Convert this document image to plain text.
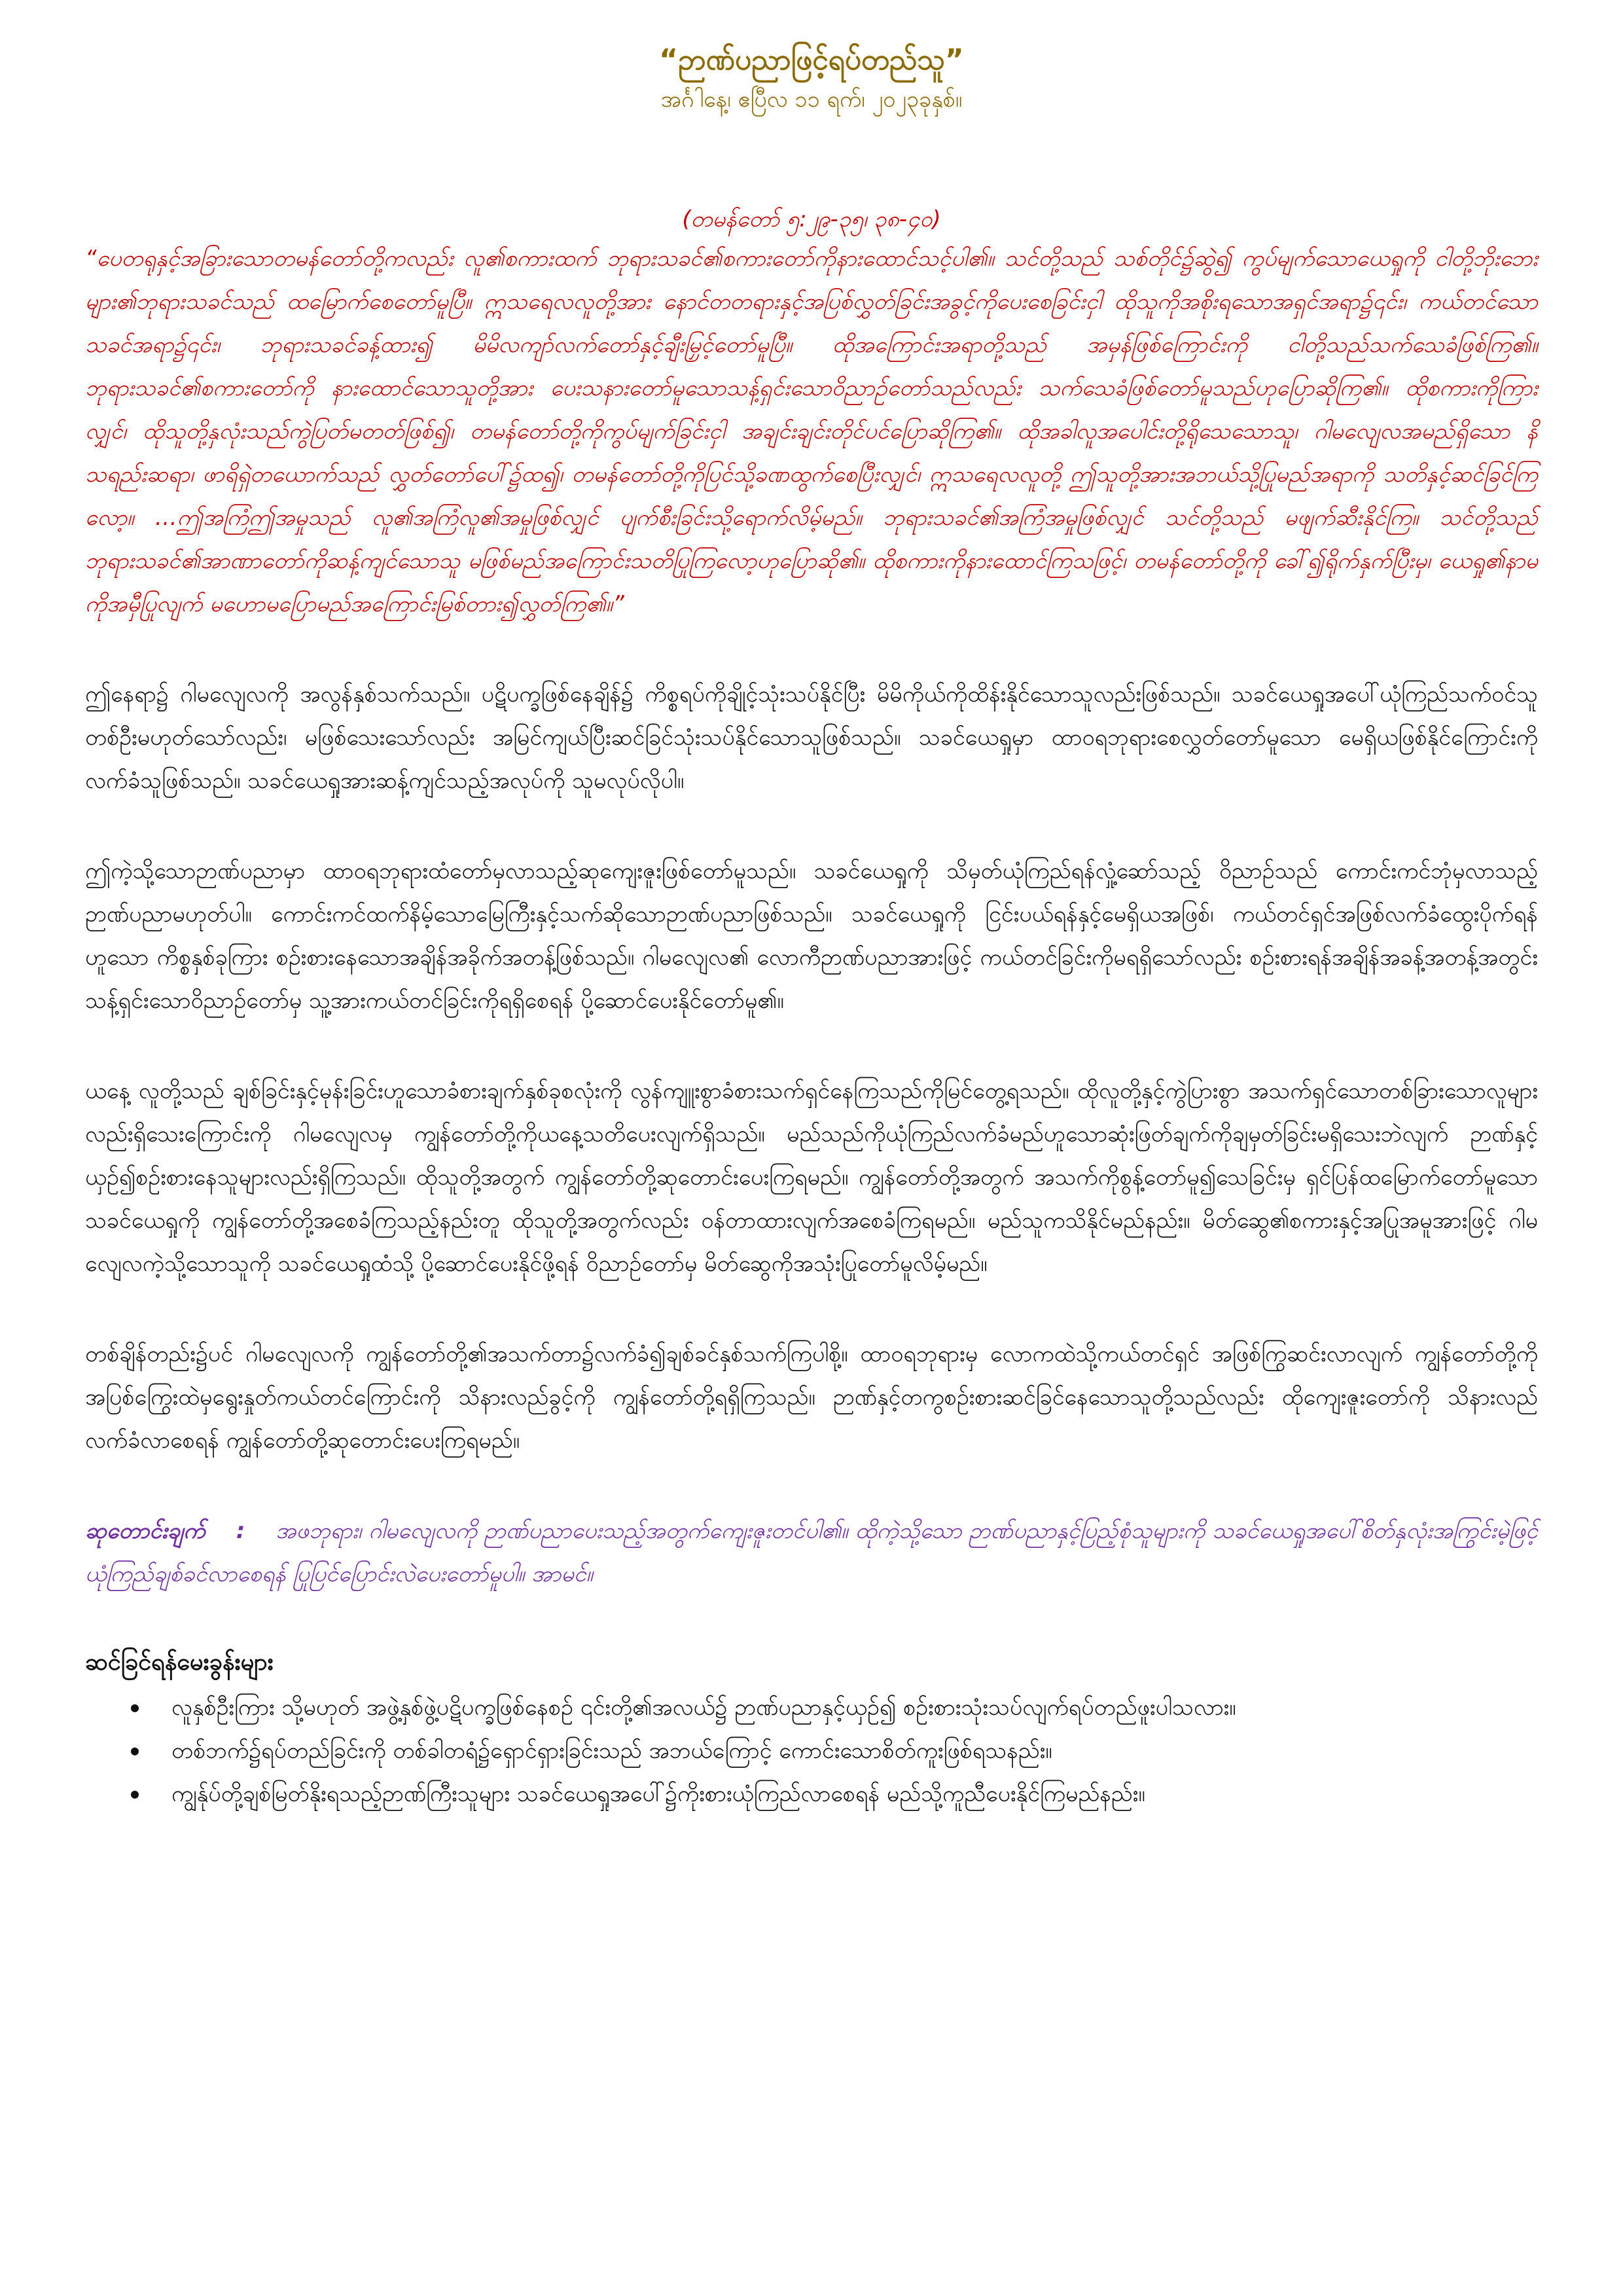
“ဉာဏ်ပညာဖြင့်ရပ်တည်သူ”
အင်္ဂါနေ့၊ ဧပြီလ ၁၁ ရက်၊ ၂၀၂၃ခုနှစ်။
(တမန်တော် ၅:၂၉-၃၅၊ ၃၈-၄၀)

“ပေတရုနှင့်အခြားသောတမန်တော်တို့ကလည်း လူ၏စကားထက် ဘုရားသခင်၏စကားတော်ကိုနားထောင်သင့်ပါ၏။ သင်တို့သည် သစ်တိုင်၌ဆွဲ၍ ကွပ်မျက်သောယေရှုကို ငါတို့ဘိုးဘေးများ၏ဘုရားသခင်သည် ထမြောက်စေတော်မူပြီ။ ဣသရေလလူတို့အား နောင်တတရားနှင့်အပြစ်လွှတ်ခြင်းအခွင့်ကိုပေးစေခြင်းငှါ ထိုသူကိုအစိုးရသောအရှင်အရာ၌၎င်း၊ ကယ်တင်သောသခင်အရာ၌၎င်း၊ ဘုရားသခင်ခန့်ထား၍ မိမိလကျာ်လက်တော်နှင့်ချီးမြှင့်တော်မူပြီ။ ထိုအကြောင်းအရာတို့သည် အမှန်ဖြစ်ကြောင်းကို ငါတို့သည်သက်သေခံဖြစ်ကြ၏။ ဘုရားသခင်၏စကားတော်ကို နားထောင်သောသူတို့အား ပေးသနားတော်မူသောသန့်ရှင်းသောဝိညာဉ်တော်သည်လည်း သက်သေခံဖြစ်တော်မူသည်ဟုပြောဆိုကြ၏။ ထိုစကားကိုကြားလျှင်၊ ထိုသူတို့နှလုံးသည်ကွဲပြတ်မတတ်ဖြစ်၍၊ တမန်တော်တို့ကိုကွပ်မျက်ခြင်းငှါ အချင်းချင်းတိုင်ပင်ပြောဆိုကြ၏။ ထိုအခါလူအပေါင်းတို့ရိုသေသောသူ၊ ဂါမလျေလအမည်ရှိသော နိသရည်းဆရာ၊ ဖာရိရှဲတယောက်သည် လွှတ်တော်ပေါ်၌ထ၍၊ တမန်တော်တို့ကိုပြင်သို့ခဏထွက်စေပြီးလျှင်၊ ဣသရေလလူတို့ ဤသူတို့အားအဘယ်သို့ပြုမည်အရာကို သတိနှင့်ဆင်ခြင်ကြလော့။ …ဤအကြံဤအမှုသည် လူ၏အကြံလူ၏အမှုဖြစ်လျှင် ပျက်စီးခြင်းသို့ရောက်လိမ့်မည်။ ဘုရားသခင်၏အကြံအမှုဖြစ်လျှင် သင်တို့သည် မဖျက်ဆီးနိုင်ကြ။ သင်တို့သည် ဘုရားသခင်၏အာဏာတော်ကိုဆန့်ကျင်သောသူ မဖြစ်မည်အကြောင်းသတိပြုကြလော့ဟုပြောဆို၏။ ထိုစကားကိုနားထောင်ကြသဖြင့်၊ တမန်တော်တို့ကို ခေါ်၍ရိုက်နှက်ပြီးမှ၊ ယေရှု၏နာမကိုအမှီပြုလျက် မဟောမပြောမည်အကြောင်းမြစ်တား၍လွှတ်ကြ၏။”

ဤနေရာ၌ ဂါမလျေလကို အလွန်နှစ်သက်သည်။ ပဋိပက္ခဖြစ်နေချိန်၌ ကိစ္စရပ်ကိုချိုင့်သုံးသပ်နိုင်ပြီး မိမိကိုယ်ကိုထိန်းနိုင်သောသူလည်းဖြစ်သည်။ သခင်ယေရှုအပေါ်ယုံကြည်သက်ဝင်သူတစ်ဦးမဟုတ်သော်လည်း၊ မဖြစ်သေးသော်လည်း အမြင်ကျယ်ပြီးဆင်ခြင်သုံးသပ်နိုင်သောသူဖြစ်သည်။ သခင်ယေရှုမှာ ထာဝရဘုရားစေလွှတ်တော်မူသော မေရှိယဖြစ်နိုင်ကြောင်းကို လက်ခံသူဖြစ်သည်။ သခင်ယေရှုအားဆန့်ကျင်သည့်အလုပ်ကို သူမလုပ်လိုပါ။

ဤကဲ့သို့သောဉာဏ်ပညာမှာ ထာဝရဘုရားထံတော်မှလာသည့်ဆုကျေးဇူးဖြစ်တော်မူသည်။ သခင်ယေရှုကို သိမှတ်ယုံကြည်ရန်လှုံ့ဆော်သည့် ဝိညာဉ်သည် ကောင်းကင်ဘုံမှလာသည့်ဉာဏ်ပညာမဟုတ်ပါ။ ကောင်းကင်ထက်နိမ့်သောမြေကြီးနှင့်သက်ဆိုသောဉာဏ်ပညာဖြစ်သည်။ သခင်ယေရှုကို ငြင်းပယ်ရန်နှင့်မေရှိယအဖြစ်၊ ကယ်တင်ရှင်အဖြစ်လက်ခံထွေးပိုက်ရန်ဟူသော ကိစ္စနှစ်ခုကြား စဉ်းစားနေသောအချိန်အခိုက်အတန့်ဖြစ်သည်။ ဂါမလျေလ၏ လောကီဉာဏ်ပညာအားဖြင့် ကယ်တင်ခြင်းကိုမရရှိသော်လည်း စဉ်းစားရန်အချိန်အခန့်အတန့်အတွင်း သန့်ရှင်းသောဝိညာဉ်တော်မှ သူ့အားကယ်တင်ခြင်းကိုရရှိစေရန် ပို့ဆောင်ပေးနိုင်တော်မူ၏။

ယနေ့ လူတို့သည် ချစ်ခြင်းနှင့်မုန်းခြင်းဟူသောခံစားချက်နှစ်ခုစလုံးကို လွန်ကျူးစွာခံစားသက်ရှင်နေကြသည်ကိုမြင်တွေ့ရသည်။ ထိုလူတို့နှင့်ကွဲပြားစွာ အသက်ရှင်သောတစ်ခြားသောလူများလည်းရှိသေးကြောင်းကို ဂါမလျေလမှ ကျွန်တော်တို့ကိုယနေ့သတိပေးလျက်ရှိသည်။ မည်သည်ကိုယုံကြည်လက်ခံမည်ဟူသောဆုံးဖြတ်ချက်ကိုချမှတ်ခြင်းမရှိသေးဘဲလျက် ဉာဏ်နှင့်ယှဉ်၍စဉ်းစားနေသူများလည်းရှိကြသည်။ ထိုသူတို့အတွက် ကျွန်တော်တို့ဆုတောင်းပေးကြရမည်။ ကျွန်တော်တို့အတွက် အသက်ကိုစွန့်တော်မူ၍သေခြင်းမှ ရှင်ပြန်ထမြောက်တော်မူသောသခင်ယေရှုကို ကျွန်တော်တို့အစေခံကြသည့်နည်းတူ ထိုသူတို့အတွက်လည်း ဝန်တာထားလျက်အစေခံကြရမည်။ မည်သူကသိနိုင်မည်နည်း။ မိတ်ဆွေ၏စကားနှင့်အပြုအမူအားဖြင့် ဂါမလျေလကဲ့သို့သောသူကို သခင်ယေရှုထံသို့ ပို့ဆောင်ပေးနိုင်ဖို့ရန် ဝိညာဉ်တော်မှ မိတ်ဆွေကိုအသုံးပြုတော်မူလိမ့်မည်။

တစ်ချိန်တည်း၌ပင် ဂါမလျေလကို ကျွန်တော်တို့၏အသက်တာ၌လက်ခံ၍ချစ်ခင်နှစ်သက်ကြပါစို့။ ထာဝရဘုရားမှ လောကထဲသို့ကယ်တင်ရှင် အဖြစ်ကြွဆင်းလာလျက် ကျွန်တော်တို့ကို အပြစ်ကြွေးထဲမှရွေးနှုတ်ကယ်တင်ကြောင်းကို သိနားလည်ခွင့်ကို ကျွန်တော်တို့ရရှိကြသည်။ ဉာဏ်နှင့်တကွစဉ်းစားဆင်ခြင်နေသောသူတို့သည်လည်း ထိုကျေးဇူးတော်ကို သိနားလည်လက်ခံလာစေရန် ကျွန်တော်တို့ဆုတောင်းပေးကြရမည်။

ဆုတောင်းချက် : အဖဘုရား၊ ဂါမလျေလကို ဉာဏ်ပညာပေးသည့်အတွက်ကျေးဇူးတင်ပါ၏။ ထိုကဲ့သို့သော ဉာဏ်ပညာနှင့်ပြည့်စုံသူများကို သခင်ယေရှုအပေါ်စိတ်နှလုံးအကြွင်းမဲ့ဖြင့် ယုံကြည်ချစ်ခင်လာစေရန် ပြုပြင်ပြောင်းလဲပေးတော်မူပါ။ အာမင်။
ဆင်ခြင်ရန်မေးခွန်းများ
လူနှစ်ဦးကြား သို့မဟုတ် အဖွဲ့နှစ်ဖွဲ့ပဋိပက္ခဖြစ်နေစဉ် ၎င်းတို့၏အလယ်၌ ဉာဏ်ပညာနှင့်ယှဉ်၍ စဉ်းစားသုံးသပ်လျက်ရပ်တည်ဖူးပါသလား။
တစ်ဘက်၌ရပ်တည်ခြင်းကို တစ်ခါတရံ၌ရှောင်ရှားခြင်းသည် အဘယ်ကြောင့် ကောင်းသောစိတ်ကူးဖြစ်ရသနည်း။
ကျွန်ုပ်တို့ချစ်မြတ်နိုးရသည့်ဉာဏ်ကြီးသူများ သခင်ယေရှုအပေါ်၌ကိုးစားယုံကြည်လာစေရန် မည်သို့ကူညီပေးနိုင်ကြမည်နည်း။
